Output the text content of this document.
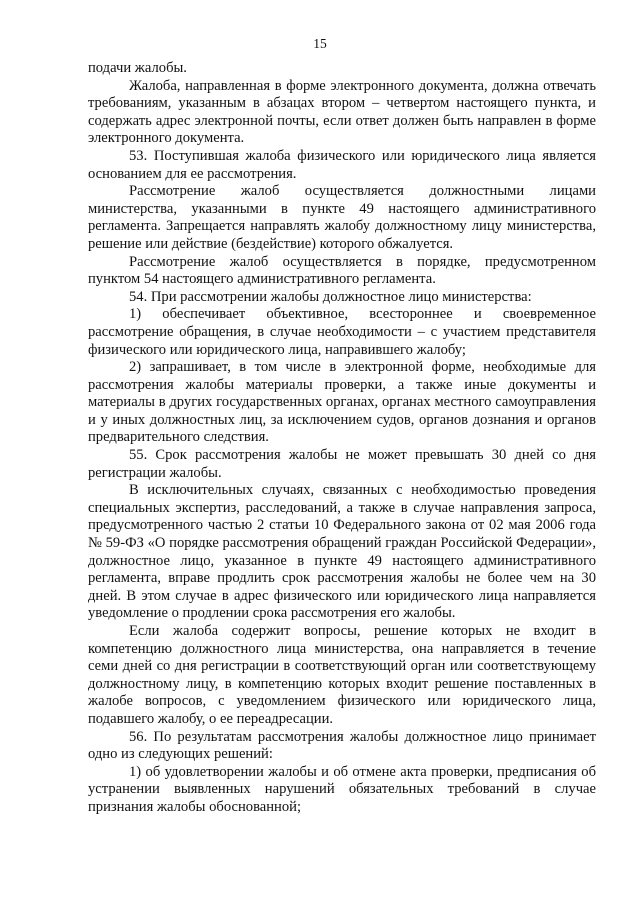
15

подачи жалобы.

Жалоба, направленная в форме электронного документа, должна отвечать требованиям, указанным в абзацах втором – четвертом настоящего пункта, и содержать адрес электронной почты, если ответ должен быть направлен в форме электронного документа.

53. Поступившая жалоба физического или юридического лица является основанием для ее рассмотрения.

Рассмотрение жалоб осуществляется должностными лицами министерства, указанными в пункте 49 настоящего административного регламента. Запрещается направлять жалобу должностному лицу министерства, решение или действие (бездействие) которого обжалуется.

Рассмотрение жалоб осуществляется в порядке, предусмотренном пунктом 54 настоящего административного регламента.

54. При рассмотрении жалобы должностное лицо министерства:

1) обеспечивает объективное, всестороннее и своевременное рассмотрение обращения, в случае необходимости – с участием представителя физического или юридического лица, направившего жалобу;

2) запрашивает, в том числе в электронной форме, необходимые для рассмотрения жалобы материалы проверки, а также иные документы и материалы в других государственных органах, органах местного самоуправления и у иных должностных лиц, за исключением судов, органов дознания и органов предварительного следствия.

55. Срок рассмотрения жалобы не может превышать 30 дней со дня регистрации жалобы.

В исключительных случаях, связанных с необходимостью проведения специальных экспертиз, расследований, а также в случае направления запроса, предусмотренного частью 2 статьи 10 Федерального закона от 02 мая 2006 года № 59-ФЗ «О порядке рассмотрения обращений граждан Российской Федерации», должностное лицо, указанное в пункте 49 настоящего административного регламента, вправе продлить срок рассмотрения жалобы не более чем на 30 дней. В этом случае в адрес физического или юридического лица направляется уведомление о продлении срока рассмотрения его жалобы.

Если жалоба содержит вопросы, решение которых не входит в компетенцию должностного лица министерства, она направляется в течение семи дней со дня регистрации в соответствующий орган или соответствующему должностному лицу, в компетенцию которых входит решение поставленных в жалобе вопросов, с уведомлением физического или юридического лица, подавшего жалобу, о ее переадресации.

56. По результатам рассмотрения жалобы должностное лицо принимает одно из следующих решений:

1) об удовлетворении жалобы и об отмене акта проверки, предписания об устранении выявленных нарушений обязательных требований в случае признания жалобы обоснованной;
